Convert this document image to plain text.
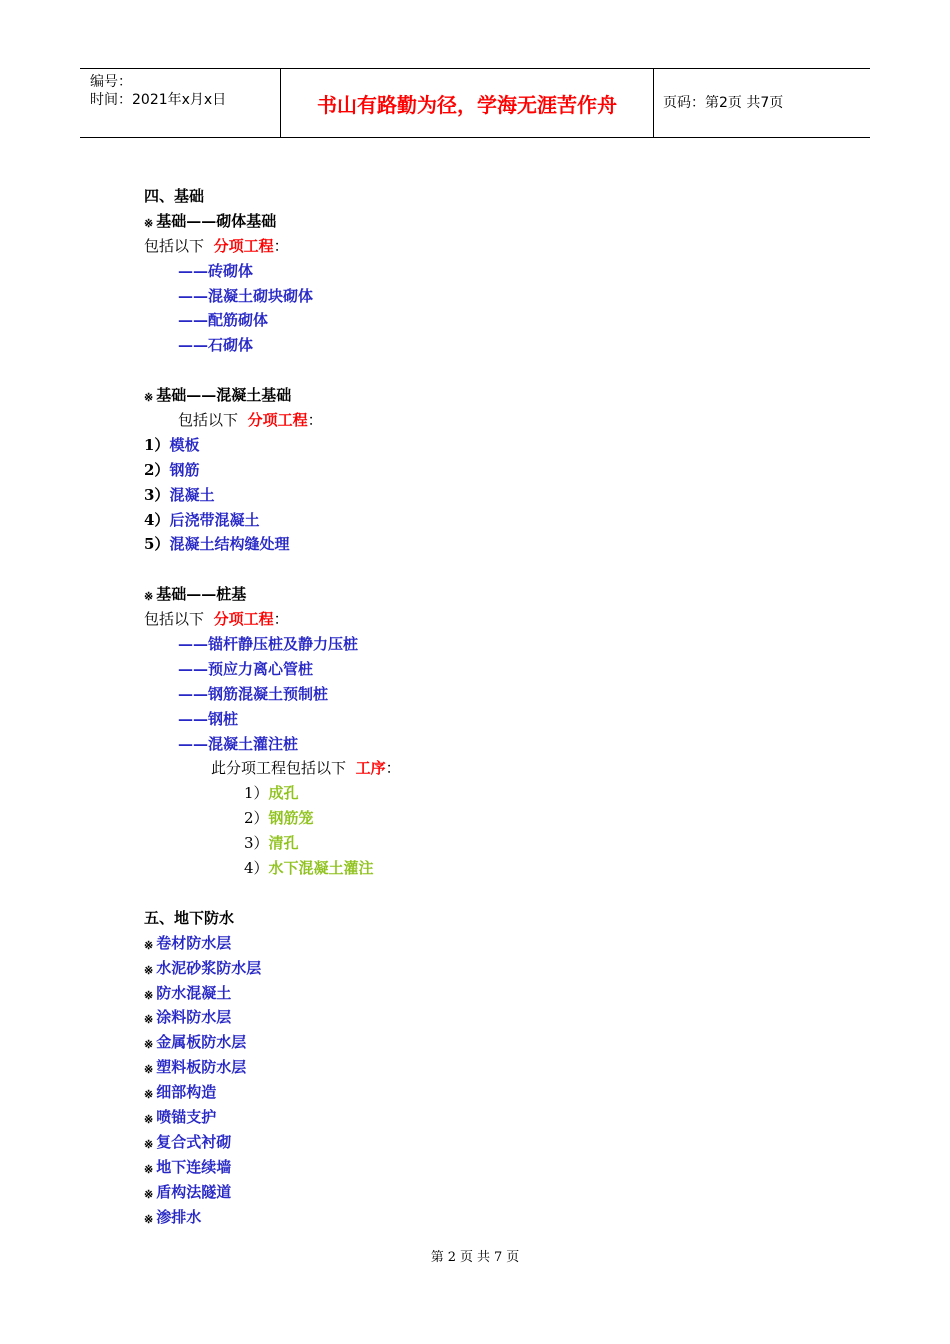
编号：
时间：2021年x月x日	书山有路勤为径，学海无涯苦作舟	页码：第2页 共7页
四、基础
※ 基础——砌体基础
包括以下 分项工程：
——砖砌体
——混凝土砌块砌体
——配筋砌体
——石砌体
※ 基础——混凝土基础
包括以下 分项工程：
1）模板
2）钢筋
3）混凝土
4）后浇带混凝土
5）混凝土结构缝处理
※ 基础——桩基
包括以下 分项工程：
——锚杆静压桩及静力压桩
——预应力离心管桩
——钢筋混凝土预制桩
——钢桩
——混凝土灌注桩
此分项工程包括以下 工序：
1）成孔
2）钢筋笼
3）清孔
4）水下混凝土灌注
五、地下防水
※ 卷材防水层
※ 水泥砂浆防水层
※ 防水混凝土
※ 涂料防水层
※ 金属板防水层
※ 塑料板防水层
※ 细部构造
※ 喷锚支护
※ 复合式衬砌
※ 地下连续墙
※ 盾构法隧道
※ 渗排水
第 2 页 共 7 页
